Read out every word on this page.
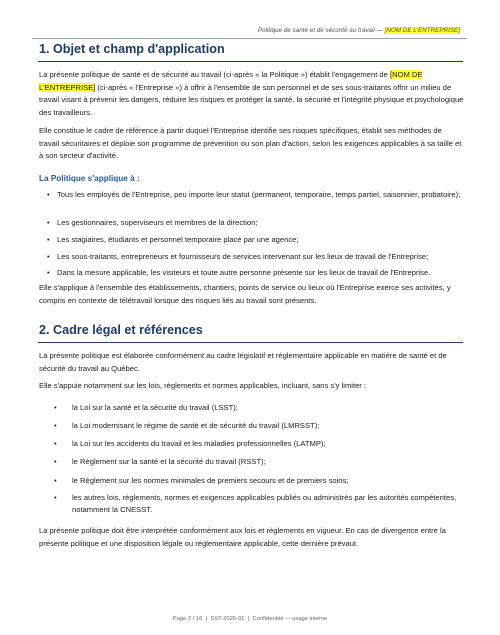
Politique de santé et de sécurité au travail — [NOM DE L'ENTREPRISE]
1. Objet et champ d'application
La présente politique de santé et de sécurité au travail (ci-après « la Politique ») établit l'engagement de [NOM DE L'ENTREPRISE] (ci-après « l'Entreprise ») à offrir à l'ensemble de son personnel et de ses sous-traitants offrir un milieu de travail visant à prévenir les dangers, réduire les risques et protéger la santé, la sécurité et l'intégrité physique et psychologique des travailleurs.
Elle constitue le cadre de référence à partir duquel l'Entreprise identifie ses risques spécifiques, établit ses méthodes de travail sécuritaires et déploie son programme de prévention ou son plan d'action, selon les exigences applicables à sa taille et à son secteur d'activité.
La Politique s'applique à :
• Tous les employés de l'Entreprise, peu importe leur statut (permanent, temporaire, temps partiel, saisonnier, probatoire);
• Les gestionnaires, superviseurs et membres de la direction;
• Les stagiaires, étudiants et personnel temporaire placé par une agence;
• Les sous-traitants, entrepreneurs et fournisseurs de services intervenant sur les lieux de travail de l'Entreprise;
• Dans la mesure applicable, les visiteurs et toute autre personne présente sur les lieux de travail de l'Entreprise.
Elle s'applique à l'ensemble des établissements, chantiers, points de service ou lieux où l'Entreprise exerce ses activités, y compris en contexte de télétravail lorsque des risques liés au travail sont présents.
2. Cadre légal et références
La présente politique est élaborée conformément au cadre législatif et réglementaire applicable en matière de santé et de sécurité du travail au Québec.
Elle s'appuie notamment sur les lois, règlements et normes applicables, incluant, sans s'y limiter :
• la Loi sur la santé et la sécurité du travail (LSST);
• la Loi modernisant le régime de santé et de sécurité du travail (LMRSST);
• la Loi sur les accidents du travail et les maladies professionnelles (LATMP);
• le Règlement sur la santé et la sécurité du travail (RSST);
• le Règlement sur les normes minimales de premiers secours et de premiers soins;
• les autres lois, règlements, normes et exigences applicables publiés ou administrés par les autorités compétentes, notamment la CNESST.
La présente politique doit être interprétée conformément aux lois et règlements en vigueur. En cas de divergence entre la présente politique et une disposition légale ou réglementaire applicable, cette dernière prévaut.
Page 2 / 16 | SST-2026-01 | Confidentiel — usage interne
